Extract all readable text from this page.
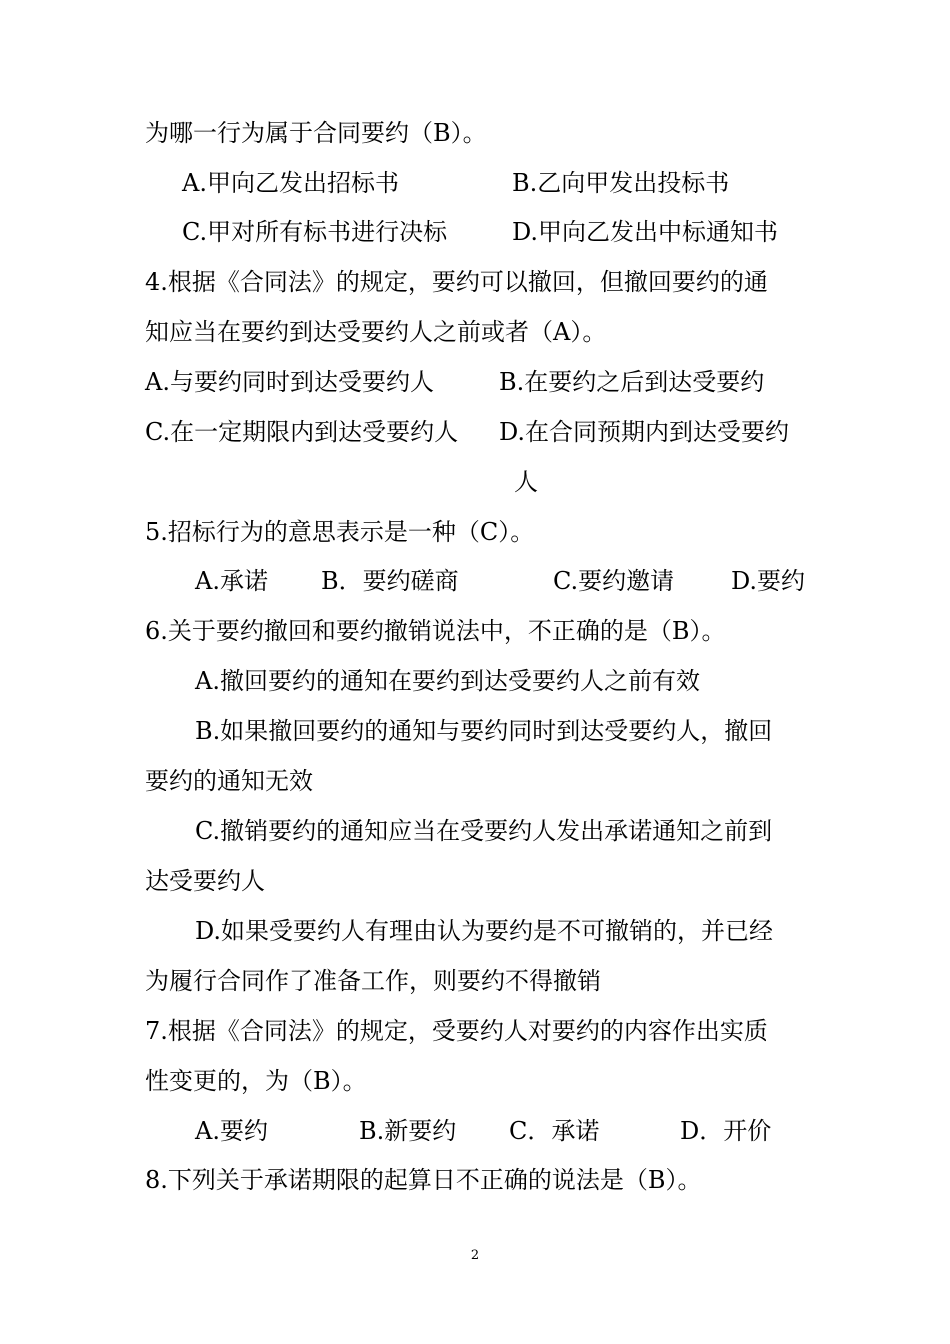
为哪一行为属于合同要约（B）。
A.甲向乙发出招标书	B.乙向甲发出投标书
C.甲对所有标书进行决标	D.甲向乙发出中标通知书
4.根据《合同法》的规定，要约可以撤回，但撤回要约的通
知应当在要约到达受要约人之前或者（A）。
A.与要约同时到达受要约人	B.在要约之后到达受要约
C.在一定期限内到达受要约人 D.在合同预期内到达受要约
人
5.招标行为的意思表示是一种（C）。
A.承诺 B．要约磋商	C.要约邀请 D.要约
6.关于要约撤回和要约撤销说法中，不正确的是（B）。
A.撤回要约的通知在要约到达受要约人之前有效
B.如果撤回要约的通知与要约同时到达受要约人，撤回
要约的通知无效
C.撤销要约的通知应当在受要约人发出承诺通知之前到
达受要约人
D.如果受要约人有理由认为要约是不可撤销的，并已经
为履行合同作了准备工作，则要约不得撤销
7.根据《合同法》的规定，受要约人对要约的内容作出实质
性变更的，为（B）。
A.要约	B.新要约 C．承诺	D．开价
8.下列关于承诺期限的起算日不正确的说法是（B）。
2
